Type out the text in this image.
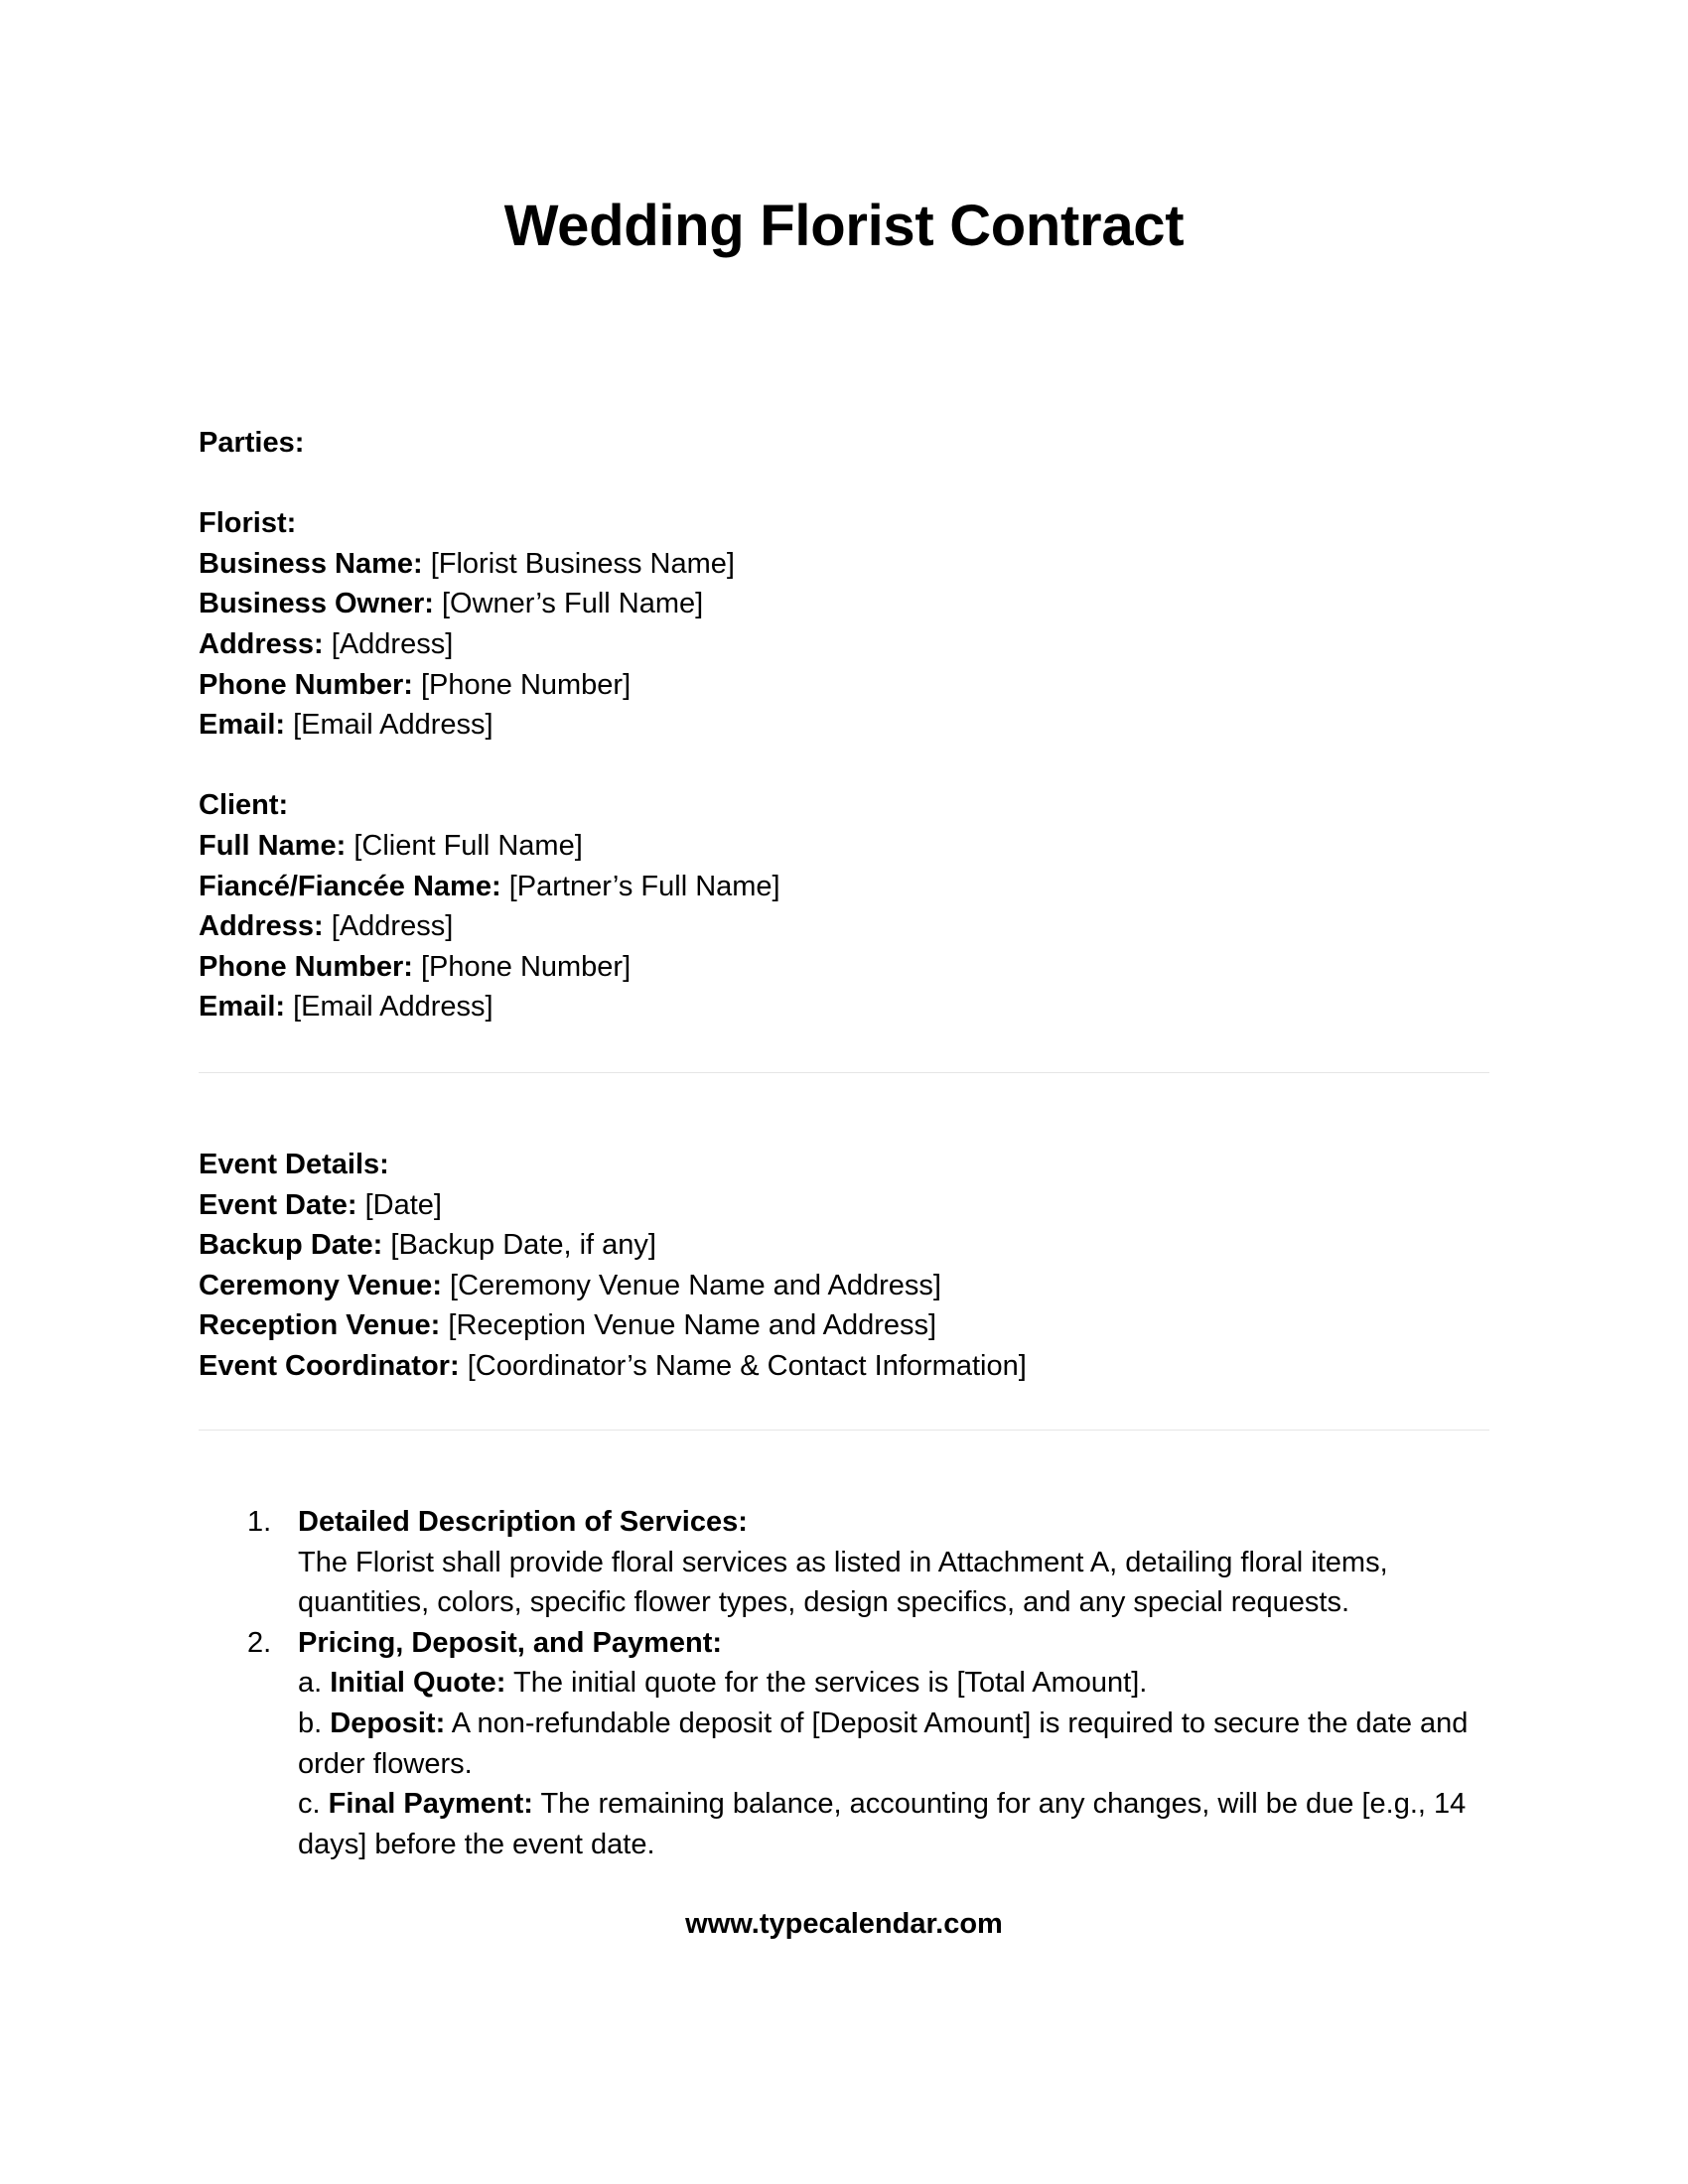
Wedding Florist Contract
Parties:

Florist:
Business Name: [Florist Business Name]
Business Owner: [Owner’s Full Name]
Address: [Address]
Phone Number: [Phone Number]
Email: [Email Address]

Client:
Full Name: [Client Full Name]
Fiancé/Fiancée Name: [Partner’s Full Name]
Address: [Address]
Phone Number: [Phone Number]
Email: [Email Address]
Event Details:
Event Date: [Date]
Backup Date: [Backup Date, if any]
Ceremony Venue: [Ceremony Venue Name and Address]
Reception Venue: [Reception Venue Name and Address]
Event Coordinator: [Coordinator’s Name & Contact Information]
1. Detailed Description of Services:
The Florist shall provide floral services as listed in Attachment A, detailing floral items, quantities, colors, specific flower types, design specifics, and any special requests.
2. Pricing, Deposit, and Payment:
a. Initial Quote: The initial quote for the services is [Total Amount].
b. Deposit: A non-refundable deposit of [Deposit Amount] is required to secure the date and order flowers.
c. Final Payment: The remaining balance, accounting for any changes, will be due [e.g., 14 days] before the event date.
www.typecalendar.com
